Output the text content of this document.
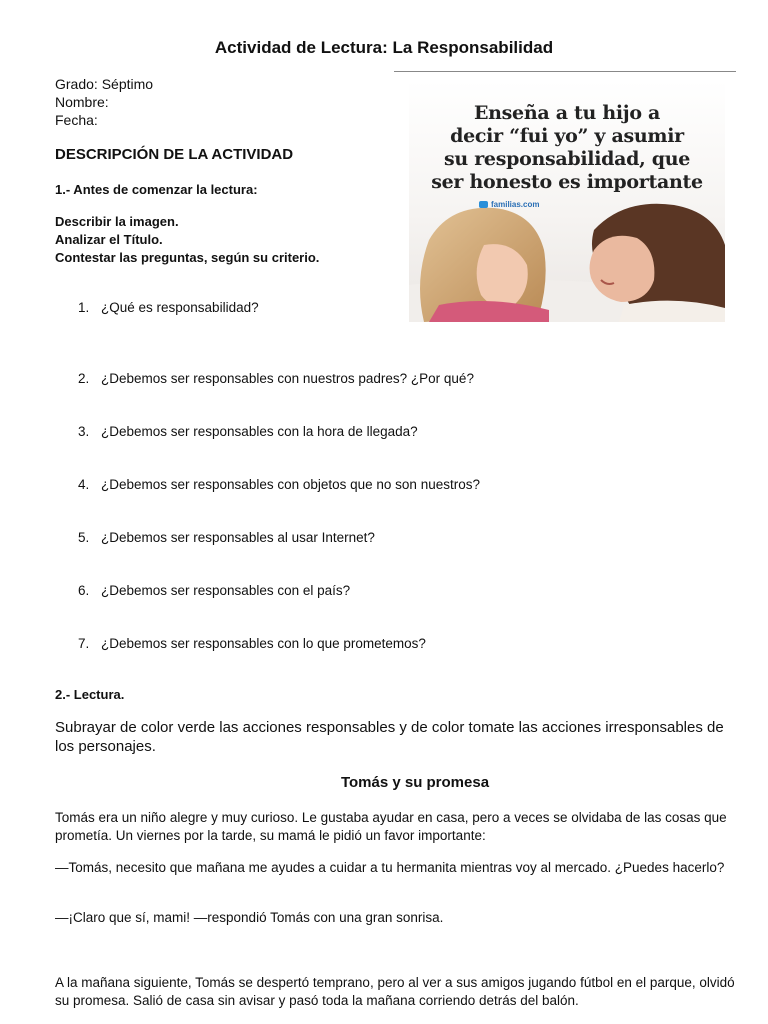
Actividad de Lectura: La Responsabilidad
Grado: Séptimo
Nombre:
Fecha:
DESCRIPCIÓN DE LA ACTIVIDAD
1.- Antes de comenzar la lectura:
Describir la imagen.
Analizar el Título.
Contestar las preguntas, según su criterio.
Enseña a tu hijo a
decir “fui yo” y asumir
su responsabilidad, que
ser honesto es importante
familias.com
1. ¿Qué es responsabilidad?
2. ¿Debemos ser responsables con nuestros padres? ¿Por qué?
3. ¿Debemos ser responsables con la hora de llegada?
4. ¿Debemos ser responsables con objetos que no son nuestros?
5. ¿Debemos ser responsables al usar Internet?
6. ¿Debemos ser responsables con el país?
7. ¿Debemos ser responsables con lo que prometemos?
2.- Lectura.
Subrayar de color verde las acciones responsables y de color tomate las acciones irresponsables de los personajes.
Tomás y su promesa
Tomás era un niño alegre y muy curioso. Le gustaba ayudar en casa, pero a veces se olvidaba de las cosas que prometía. Un viernes por la tarde, su mamá le pidió un favor importante:
—Tomás, necesito que mañana me ayudes a cuidar a tu hermanita mientras voy al mercado. ¿Puedes hacerlo?
—¡Claro que sí, mami! —respondió Tomás con una gran sonrisa.
A la mañana siguiente, Tomás se despertó temprano, pero al ver a sus amigos jugando fútbol en el parque, olvidó su promesa. Salió de casa sin avisar y pasó toda la mañana corriendo detrás del balón.
